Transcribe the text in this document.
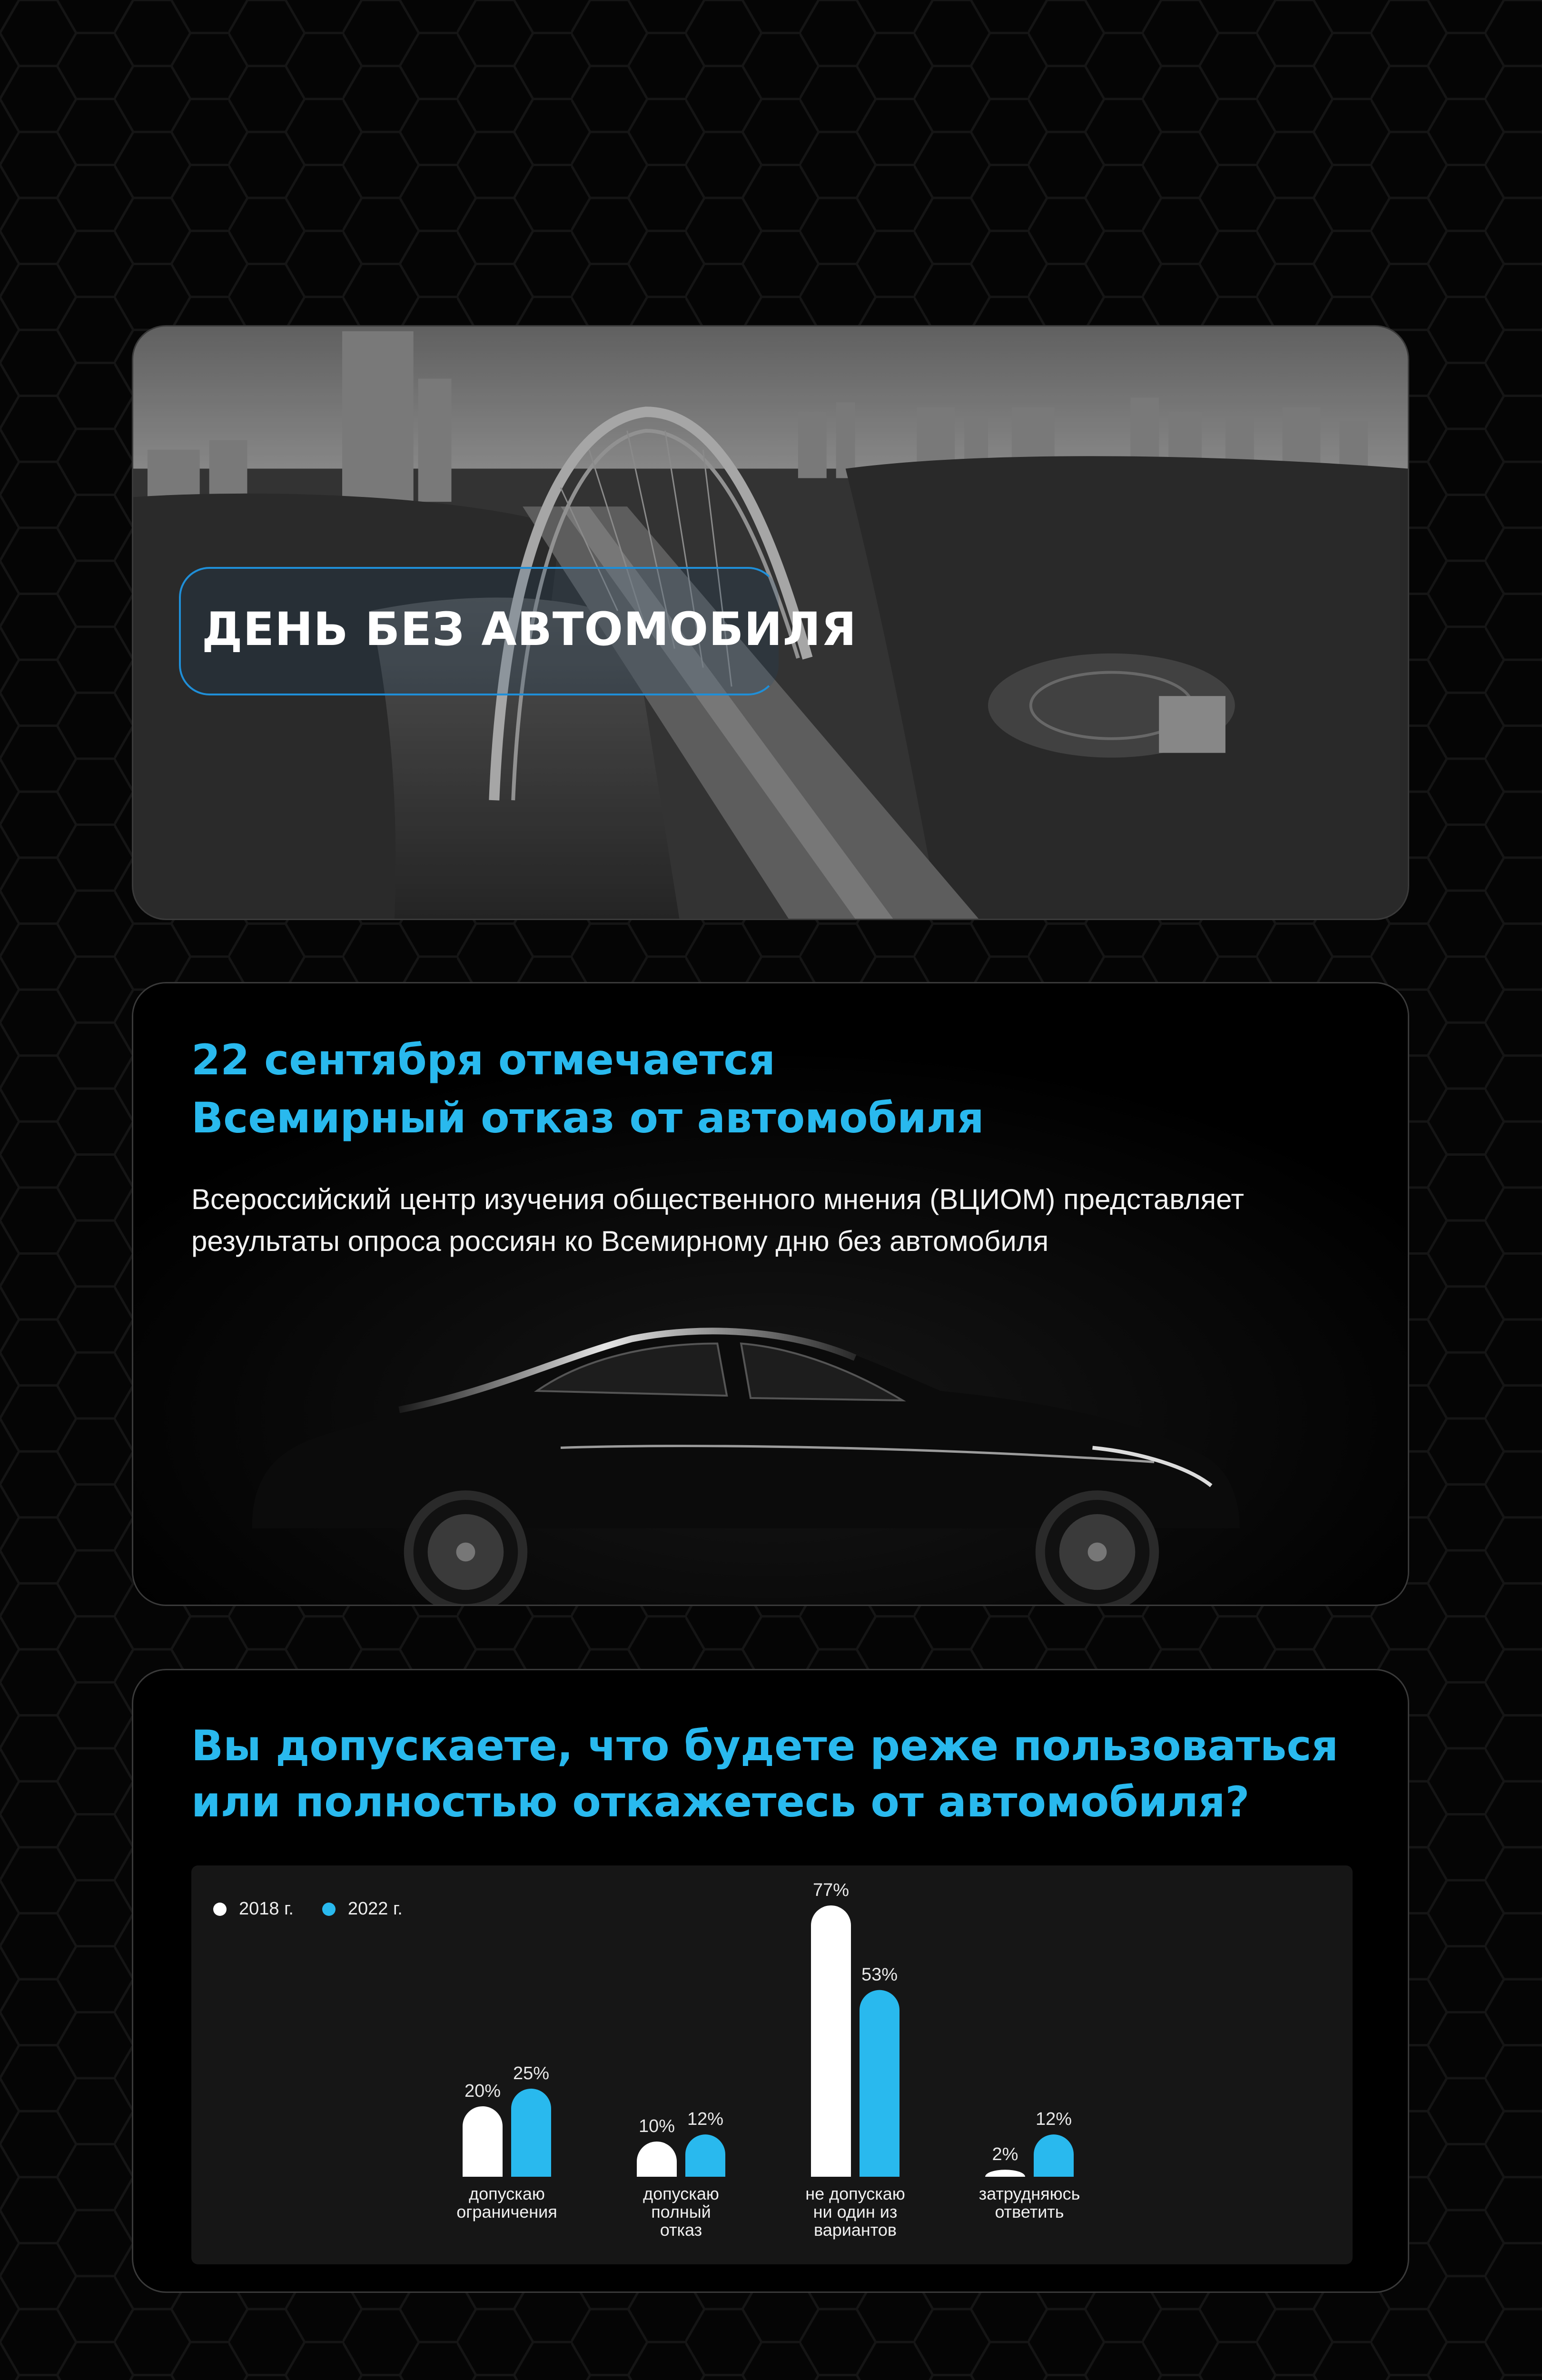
ДЕНЬ БЕЗ АВТОМОБИЛЯ
22 сентября отмечается
Всемирный отказ от автомобиля

Всероссийский центр изучения общественного мнения (ВЦИОМ) представляет результаты опроса россиян ко Всемирному дню без автомобиля

Вы допускаете, что будете реже пользоваться
или полностью откажетесь от автомобиля?
2018 г.	2022 г.
20%
25%
допускаю ограничения
10% 12%
допускаю полный отказ
77%
53%
не допускаю ни один из вариантов
2%
12%
затрудняюсь ответить
